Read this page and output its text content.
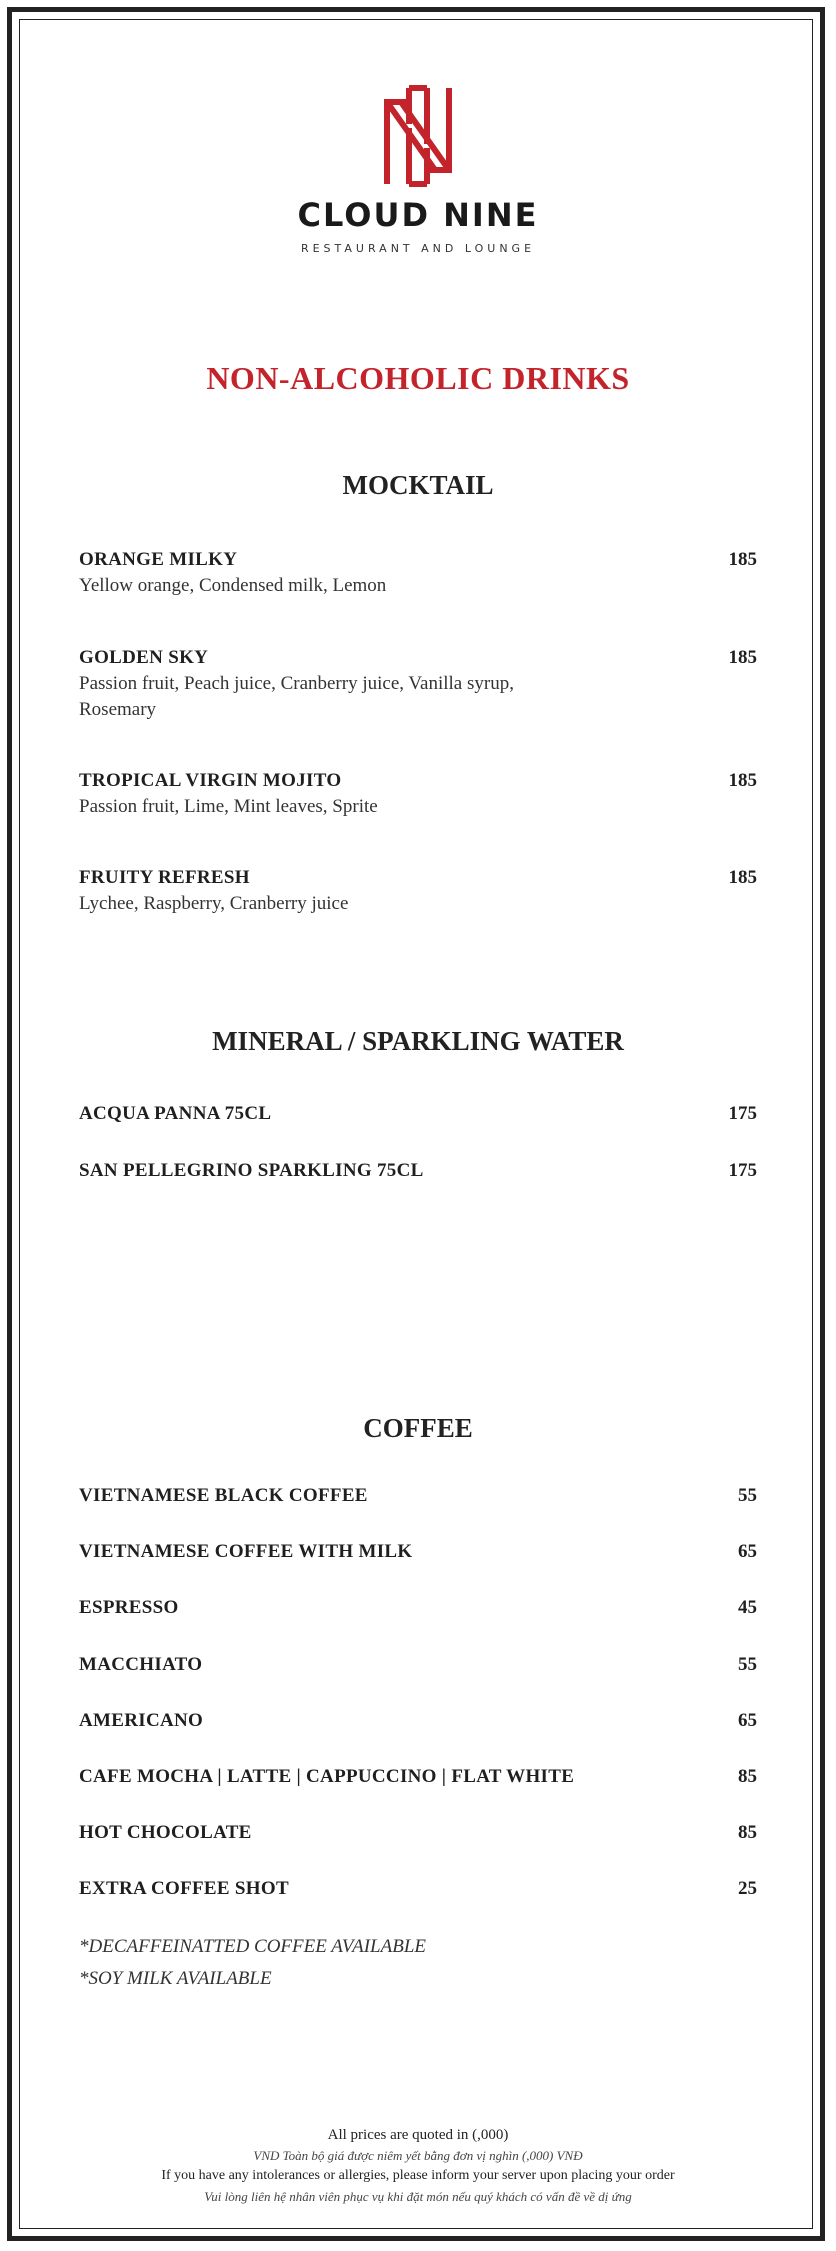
CLOUD NINE
RESTAURANT AND LOUNGE
NON-ALCOHOLIC DRINKS
MOCKTAIL
ORANGE MILKY	185
Yellow orange, Condensed milk, Lemon
GOLDEN SKY	185
Passion fruit, Peach juice, Cranberry juice, Vanilla syrup, Rosemary
TROPICAL VIRGIN MOJITO	185
Passion fruit, Lime, Mint leaves, Sprite
FRUITY REFRESH	185
Lychee, Raspberry, Cranberry juice
MINERAL / SPARKLING WATER
ACQUA PANNA 75CL	175
SAN PELLEGRINO SPARKLING 75CL	175
COFFEE
VIETNAMESE BLACK COFFEE	55
VIETNAMESE COFFEE WITH MILK	65
ESPRESSO	45
MACCHIATO	55
AMERICANO	65
CAFE MOCHA | LATTE | CAPPUCCINO | FLAT WHITE	85
HOT CHOCOLATE	85
EXTRA COFFEE SHOT	25
*DECAFFEINATTED COFFEE AVAILABLE
*SOY MILK AVAILABLE
All prices are quoted in (,000)
VND Toàn bộ giá được niêm yết bằng đơn vị nghìn (,000) VNĐ
If you have any intolerances or allergies, please inform your server upon placing your order
Vui lòng liên hệ nhân viên phục vụ khi đặt món nếu quý khách có vấn đề về dị ứng
